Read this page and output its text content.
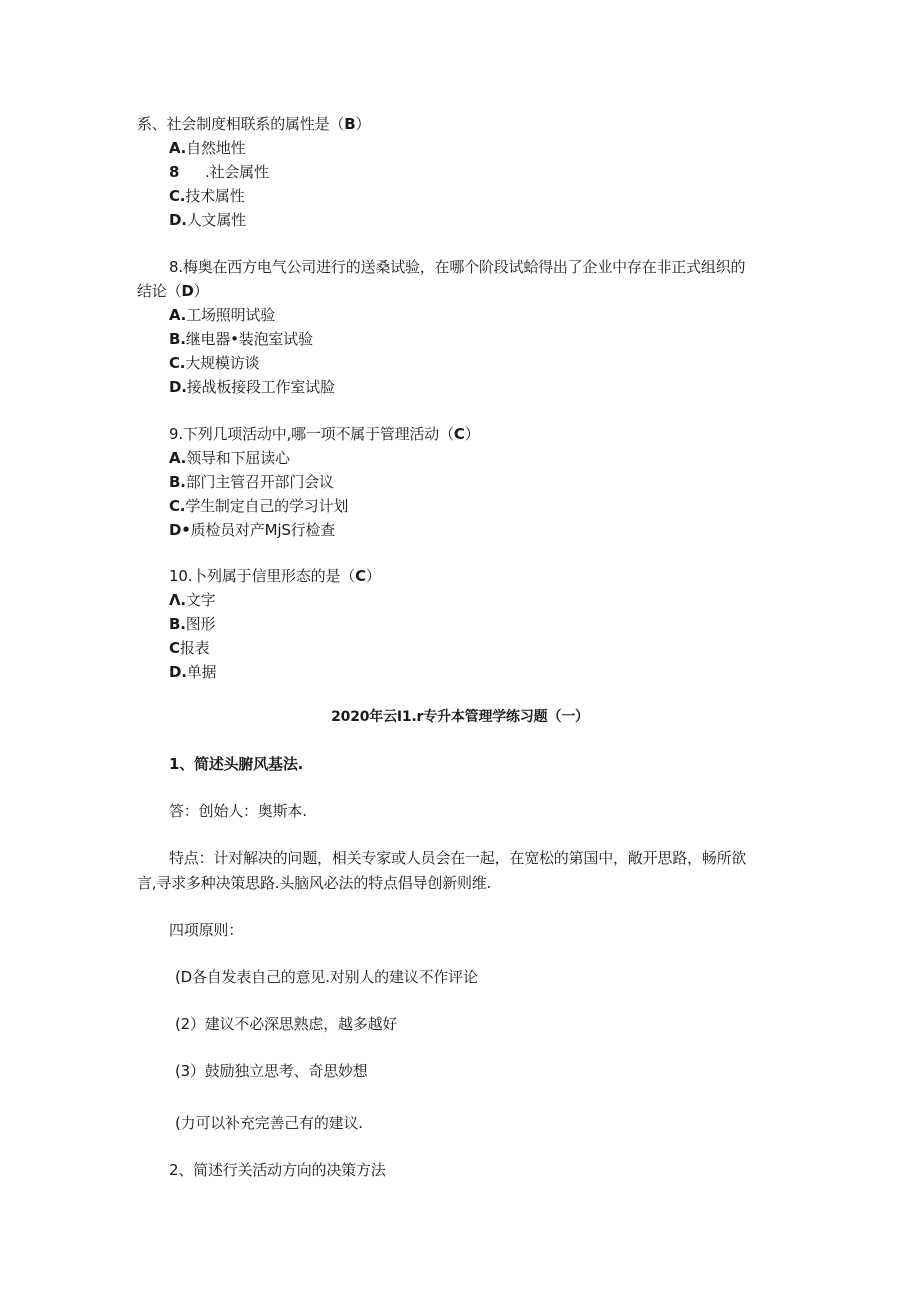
系、社会制度相联系的属性是（B）
A.自然地性
8 .社会属性
C.技术属性
D.人文属性
8.梅奥在西方电气公司进行的送桑试验，在哪个阶段试蛤得出了企业中存在非正式组织的
结论（D）
A.工场照明试验
B.继电器•装泡室试验
C.大规模访谈
D.接战板接段工作室试脸
9.下列几项活动中,哪一项不属于管理活动（C）
A.领导和下屈读心
B.部门主管召开部门会议
C.学生制定自己的学习计划
D•质检员对产MjS行检查
10.卜列属于信里形态的是（C）
Λ.文字
B.图形
C报表
D.单据
2020年云I1.r专升本管理学练习题（一）
1、简述头腑风基法.
答：创始人：奥斯本.
特点：计对解决的问题，相关专家或人员会在一起，在宽松的第国中，敞开思路，畅所欲
言,寻求多种决策思路.头脑风必法的特点倡导创新则维.
四项原则：
(D各自发表自己的意见.对别人的建议不作评论
(2）建议不必深思熟虑，越多越好
(3）鼓励独立思考、奇思妙想
(力可以补充完善己有的建议.
2、简述行关活动方向的决策方法
